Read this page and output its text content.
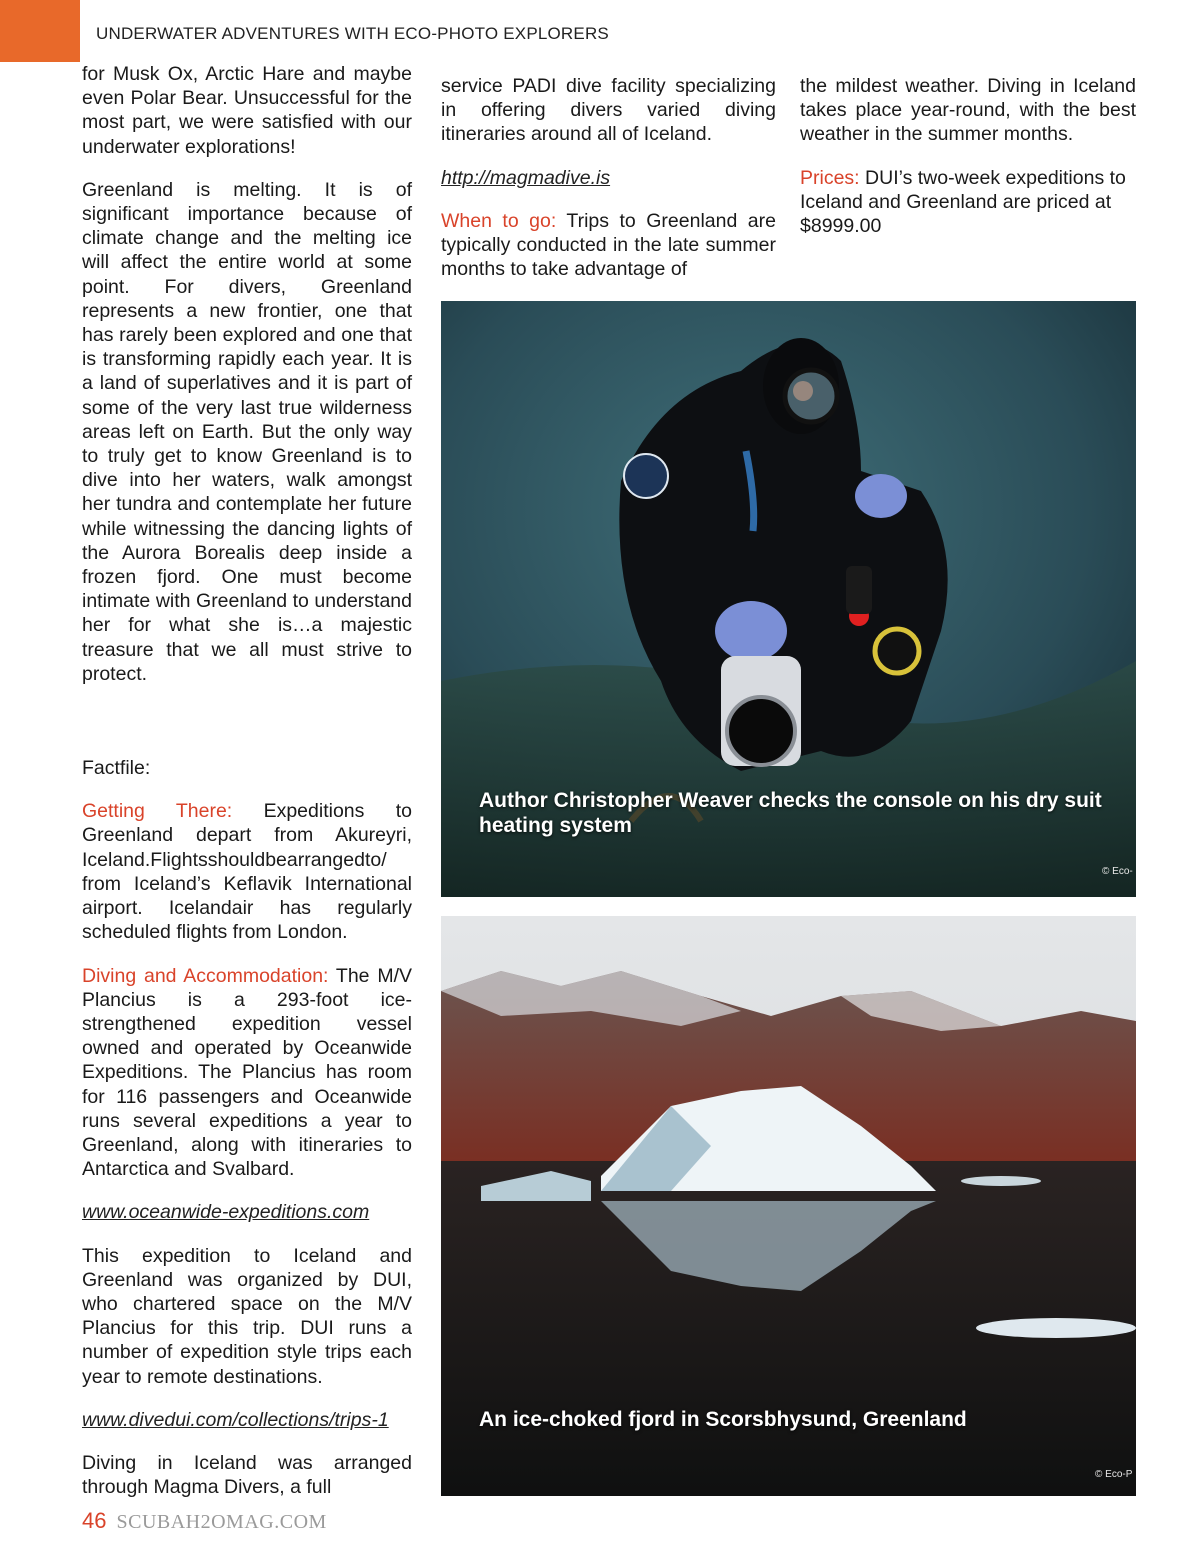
UNDERWATER ADVENTURES WITH ECO-PHOTO EXPLORERS

for Musk Ox, Arctic Hare and maybe even Polar Bear. Unsuccessful for the most part, we were satisfied with our underwater explorations!

Greenland is melting. It is of significant importance because of climate change and the melting ice will affect the entire world at some point. For divers, Greenland represents a new frontier, one that has rarely been explored and one that is transforming rapidly each year. It is a land of superlatives and it is part of some of the very last true wilderness areas left on Earth. But the only way to truly get to know Greenland is to dive into her waters, walk amongst her tundra and contemplate her future while witnessing the dancing lights of the Aurora Borealis deep inside a frozen fjord. One must become intimate with Greenland to understand her for what she is…a majestic treasure that we all must strive to protect.

Factfile:

Getting There: Expeditions to Greenland depart from Akureyri, Iceland.Flightsshouldbearrangedto/ from Iceland’s Keflavik International airport. Icelandair has regularly scheduled flights from London.

Diving and Accommodation: The M/V Plancius is a 293-foot ice-strengthened expedition vessel owned and operated by Oceanwide Expeditions. The Plancius has room for 116 passengers and Oceanwide runs several expeditions a year to Greenland, along with itineraries to Antarctica and Svalbard.

www.oceanwide-expeditions.com

This expedition to Iceland and Greenland was organized by DUI, who chartered space on the M/V Plancius for this trip. DUI runs a number of expedition style trips each year to remote destinations.

www.divedui.com/collections/trips-1

Diving in Iceland was arranged through Magma Divers, a full

service PADI dive facility specializing in offering divers varied diving itineraries around all of Iceland.

http://magmadive.is

When to go: Trips to Greenland are typically conducted in the late summer months to take advantage of

the mildest weather. Diving in Iceland takes place year-round, with the best weather in the summer months.

Prices: DUI’s two-week expeditions to Iceland and Greenland are priced at $8999.00

Author Christopher Weaver checks the console on his dry suit heating system
© Eco-
An ice-choked fjord in Scorsbhysund, Greenland
© Eco-P
46 SCUBAH2OMAG.COM
